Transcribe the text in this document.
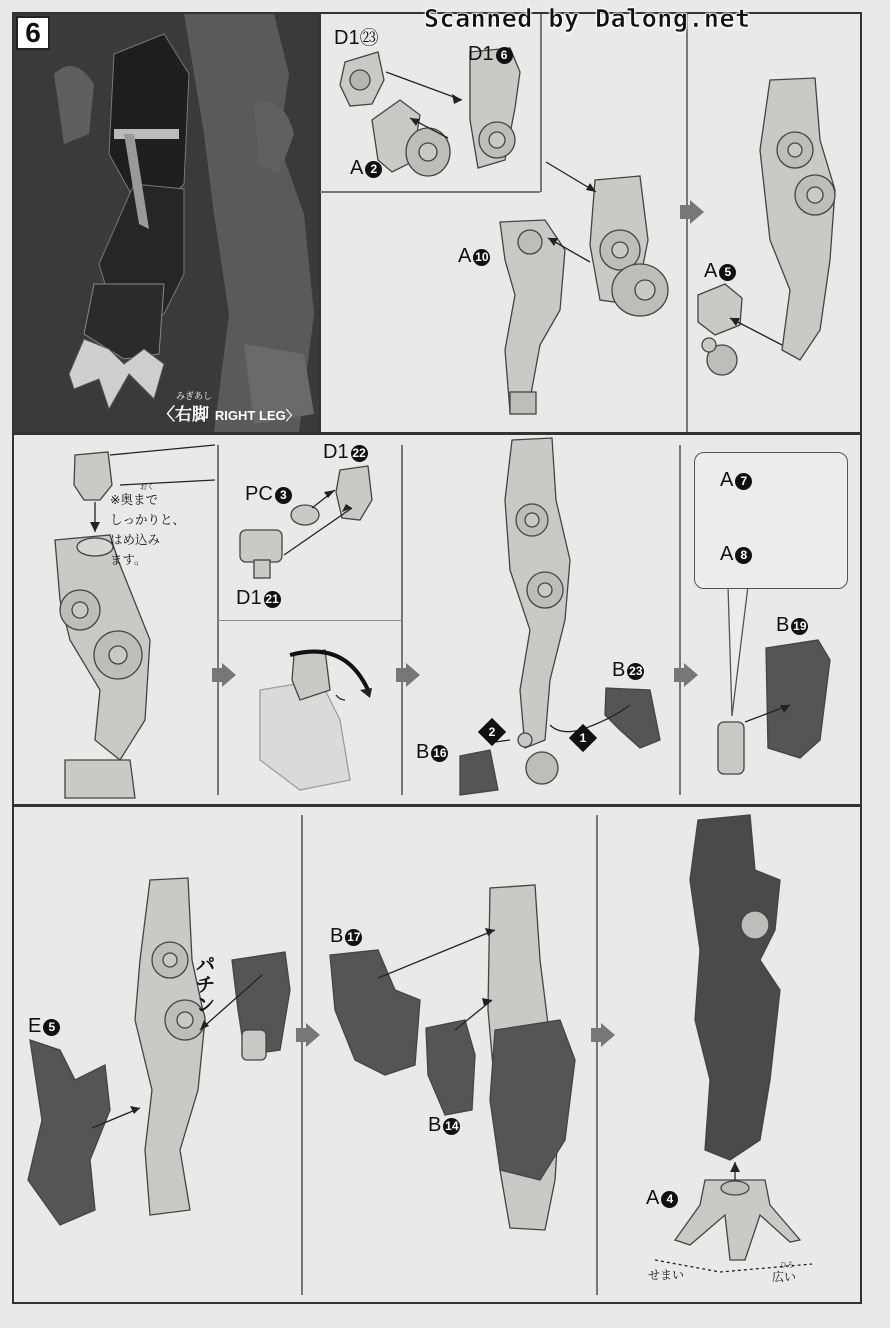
6
みぎあし
〈右脚 RIGHT LEG〉
Scanned by Dalong.net
D1㉓
D1 6
A 2
A 10
A 5
D1 22
PC 3
D1 21
A 7
A 8
B 19
B 23
B 16
1
2
E 5
B 17
B 14
A 4
おく
※奥まで
しっかりと、
はめ込み
ます。
パチン
せまい
ひろ
広い
